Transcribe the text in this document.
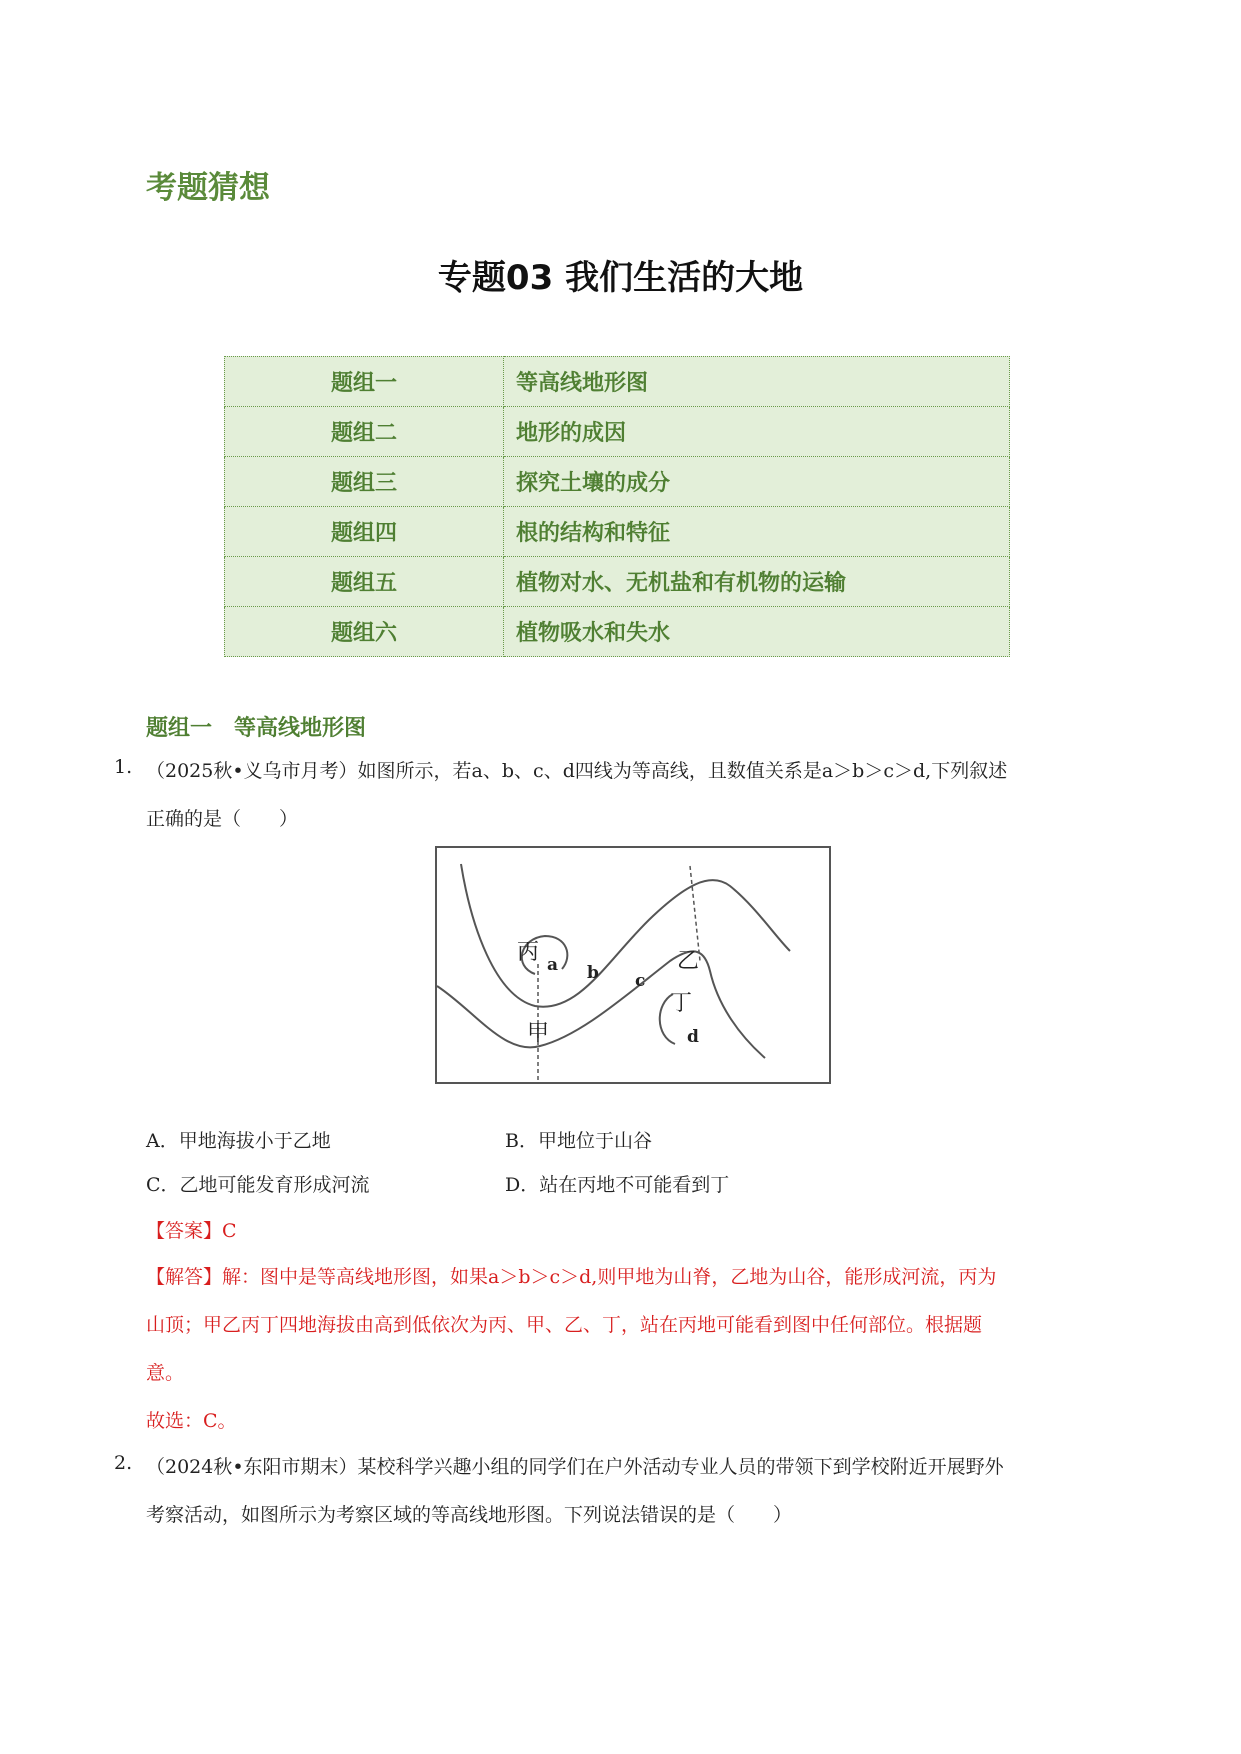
考题猜想
专题03 我们生活的大地
题组一	等高线地形图
题组二	地形的成因
题组三	探究土壤的成分
题组四	根的结构和特征
题组五	植物对水、无机盐和有机物的运输
题组六	植物吸水和失水
题组一　等高线地形图
1. （2025秋•义乌市月考）如图所示，若a、b、c、d四线为等高线，且数值关系是a＞b＞c＞d,下列叙述
正确的是（　　）
丙 a b c
乙
丁
d
甲
A．甲地海拔小于乙地	B．甲地位于山谷
C．乙地可能发育形成河流	D．站在丙地不可能看到丁
【答案】C
【解答】解：图中是等高线地形图，如果a＞b＞c＞d,则甲地为山脊，乙地为山谷，能形成河流，丙为
山顶；甲乙丙丁四地海拔由高到低依次为丙、甲、乙、丁，站在丙地可能看到图中任何部位。根据题
意。
故选：C。
2. （2024秋•东阳市期末）某校科学兴趣小组的同学们在户外活动专业人员的带领下到学校附近开展野外
考察活动，如图所示为考察区域的等高线地形图。下列说法错误的是（　　）
